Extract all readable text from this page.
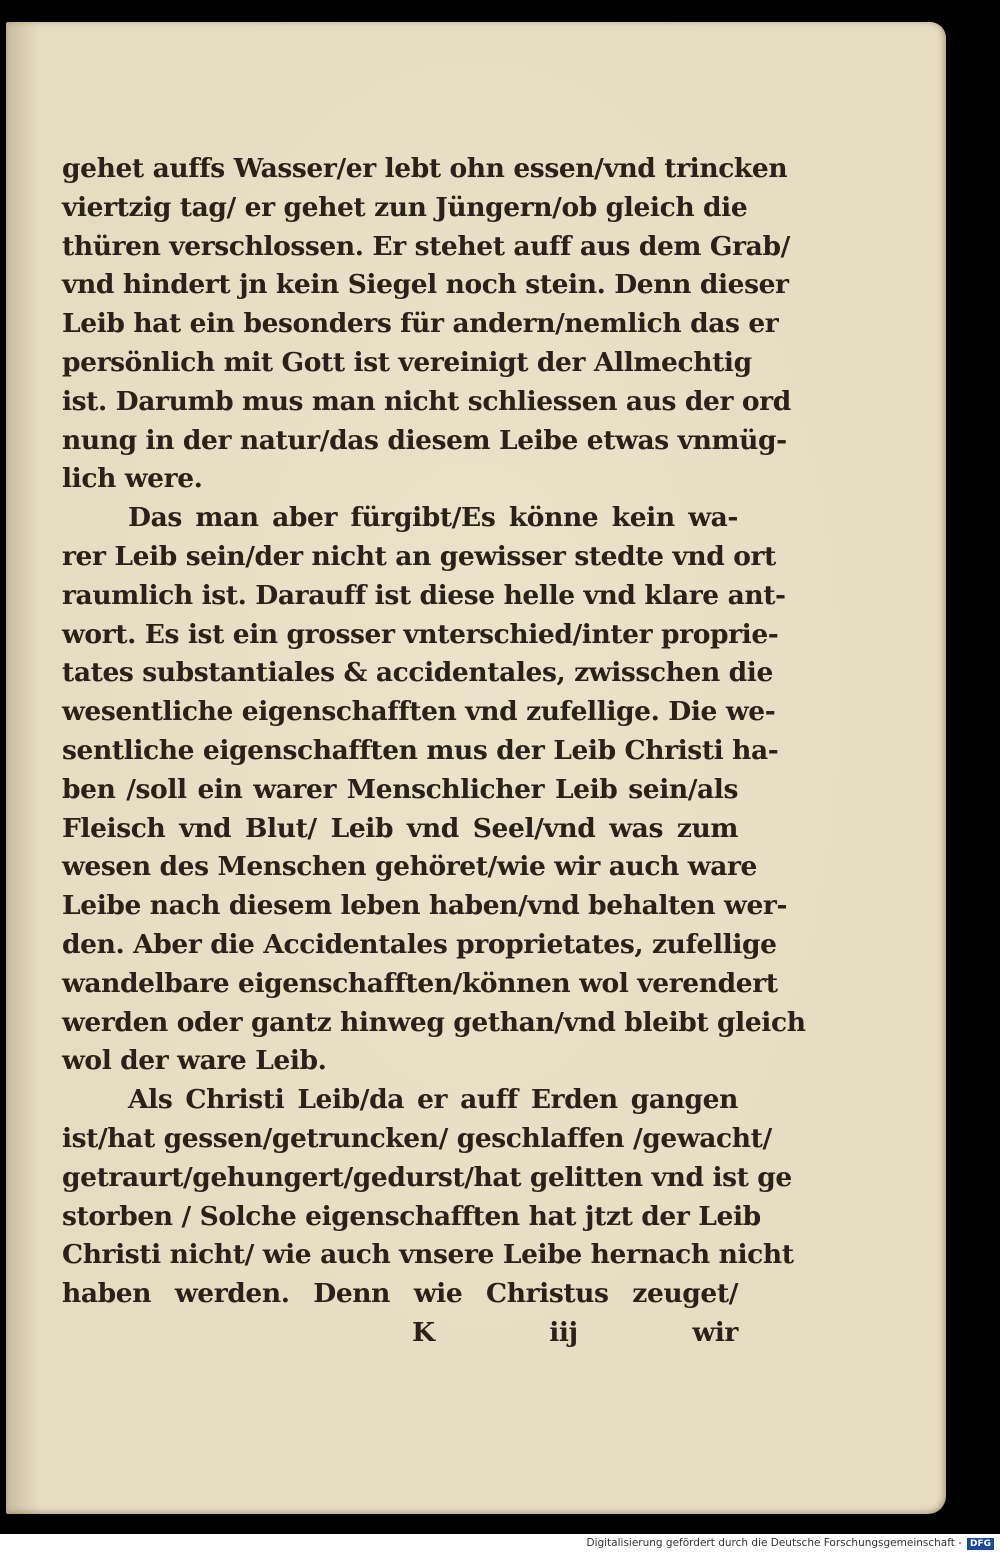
gehet auffs Wasser/er lebt ohn essen/vnd trincken
viertzig tag/ er gehet zun Jüngern/ob gleich die
thüren verschlossen. Er stehet auff aus dem Grab/
vnd hindert jn kein Siegel noch stein. Denn dieser
Leib hat ein besonders für andern/nemlich das er
persönlich mit Gott ist vereinigt der Allmechtig
ist. Darumb mus man nicht schliessen aus der ord
nung in der natur/das diesem Leibe etwas vnmüg-
lich were.
Das man aber fürgibt/Es könne kein wa-
rer Leib sein/der nicht an gewisser stedte vnd ort
raumlich ist. Darauff ist diese helle vnd klare ant-
wort. Es ist ein grosser vnterschied/inter proprie-
tates substantiales & accidentales, zwisschen die
wesentliche eigenschafften vnd zufellige. Die we-
sentliche eigenschafften mus der Leib Christi ha-
ben /soll ein warer Menschlicher Leib sein/als
Fleisch vnd Blut/ Leib vnd Seel/vnd was zum
wesen des Menschen gehöret/wie wir auch ware
Leibe nach diesem leben haben/vnd behalten wer-
den. Aber die Accidentales proprietates, zufellige
wandelbare eigenschafften/können wol verendert
werden oder gantz hinweg gethan/vnd bleibt gleich
wol der ware Leib.
Als Christi Leib/da er auff Erden gangen
ist/hat gessen/getruncken/ geschlaffen /gewacht/
getraurt/gehungert/gedurst/hat gelitten vnd ist ge
storben / Solche eigenschafften hat jtzt der Leib
Christi nicht/ wie auch vnsere Leibe hernach nicht
haben werden. Denn wie Christus zeuget/
K	iij	wir
Digitalisierung gefördert durch die Deutsche Forschungsgemeinschaft - DFG
